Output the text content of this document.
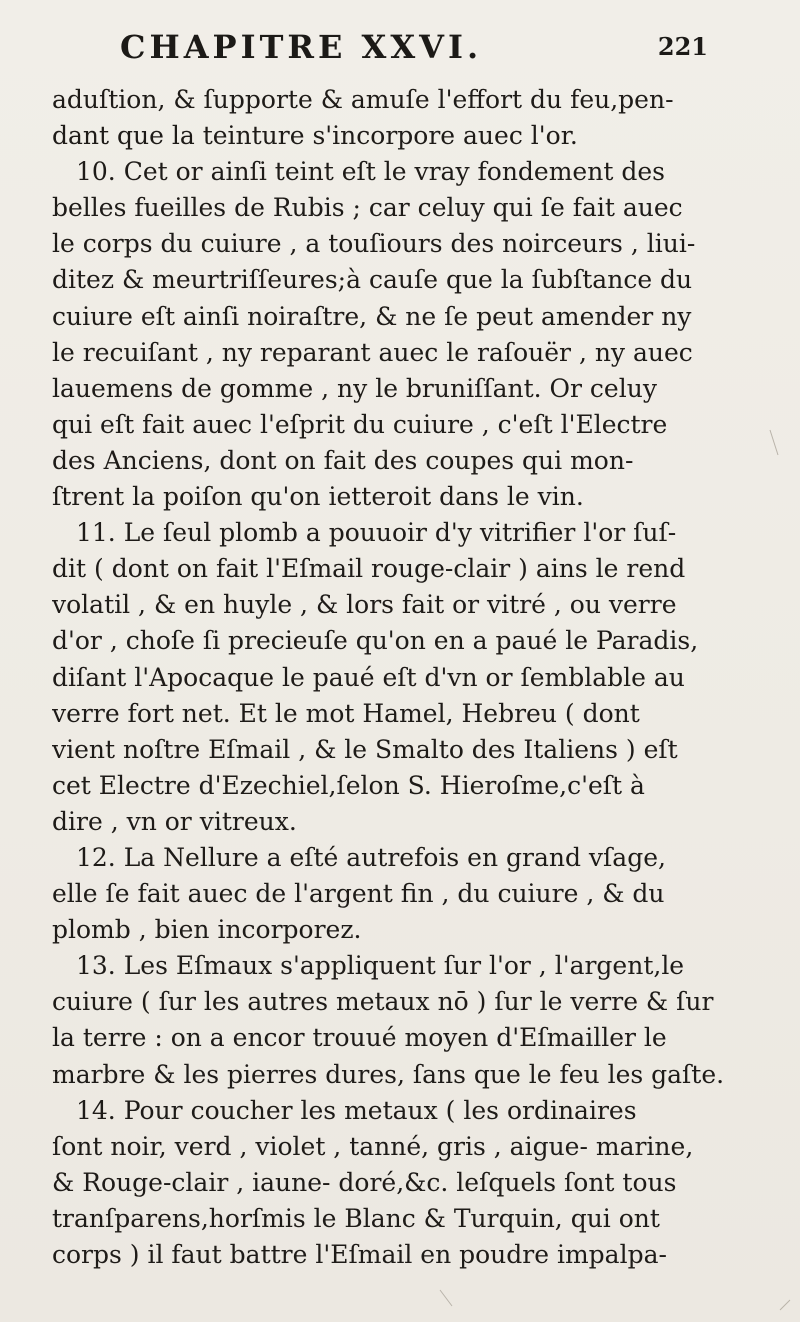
CHAPITRE XXVI.	221
aduſtion, & ſupporte & amuſe l'effort du feu,pen-
dant que la teinture s'incorpore auec l'or.
10. Cet or ainſi teint eſt le vray fondement des
belles fueilles de Rubis ; car celuy qui ſe fait auec
le corps du cuiure , a touſiours des noirceurs , liui-
ditez & meurtriſſeures;à cauſe que la ſubſtance du
cuiure eſt ainſi noiraſtre, & ne ſe peut amender ny
le recuiſant , ny reparant auec le raſouër , ny auec
lauemens de gomme , ny le bruniſſant. Or celuy
qui eſt fait auec l'eſprit du cuiure , c'eſt l'Electre
des Anciens, dont on fait des coupes qui mon-
ſtrent la poiſon qu'on ietteroit dans le vin.
11. Le ſeul plomb a pouuoir d'y vitrifier l'or ſuſ-
dit ( dont on fait l'Eſmail rouge-clair ) ains le rend
volatil , & en huyle , & lors fait or vitré , ou verre
d'or , choſe ſi precieuſe qu'on en a paué le Paradis,
diſant l'Apocaque le paué eſt d'vn or ſemblable au
verre fort net. Et le mot Hamel, Hebreu ( dont
vient noſtre Eſmail , & le Smalto des Italiens ) eſt
cet Electre d'Ezechiel,ſelon S. Hieroſme,c'eſt à
dire , vn or vitreux.
12. La Nellure a eſté autrefois en grand vſage,
elle ſe fait auec de l'argent fin , du cuiure , & du
plomb , bien incorporez.
13. Les Eſmaux s'appliquent ſur l'or , l'argent,le
cuiure ( ſur les autres metaux nō ) ſur le verre & ſur
la terre : on a encor trouué moyen d'Eſmailler le
marbre & les pierres dures, ſans que le feu les gaſte.
14. Pour coucher les metaux ( les ordinaires
ſont noir, verd , violet , tanné, gris , aigue- marine,
& Rouge-clair , iaune- doré,&c. leſquels ſont tous
tranſparens,horſmis le Blanc & Turquin, qui ont
corps ) il faut battre l'Eſmail en poudre impalpa-
